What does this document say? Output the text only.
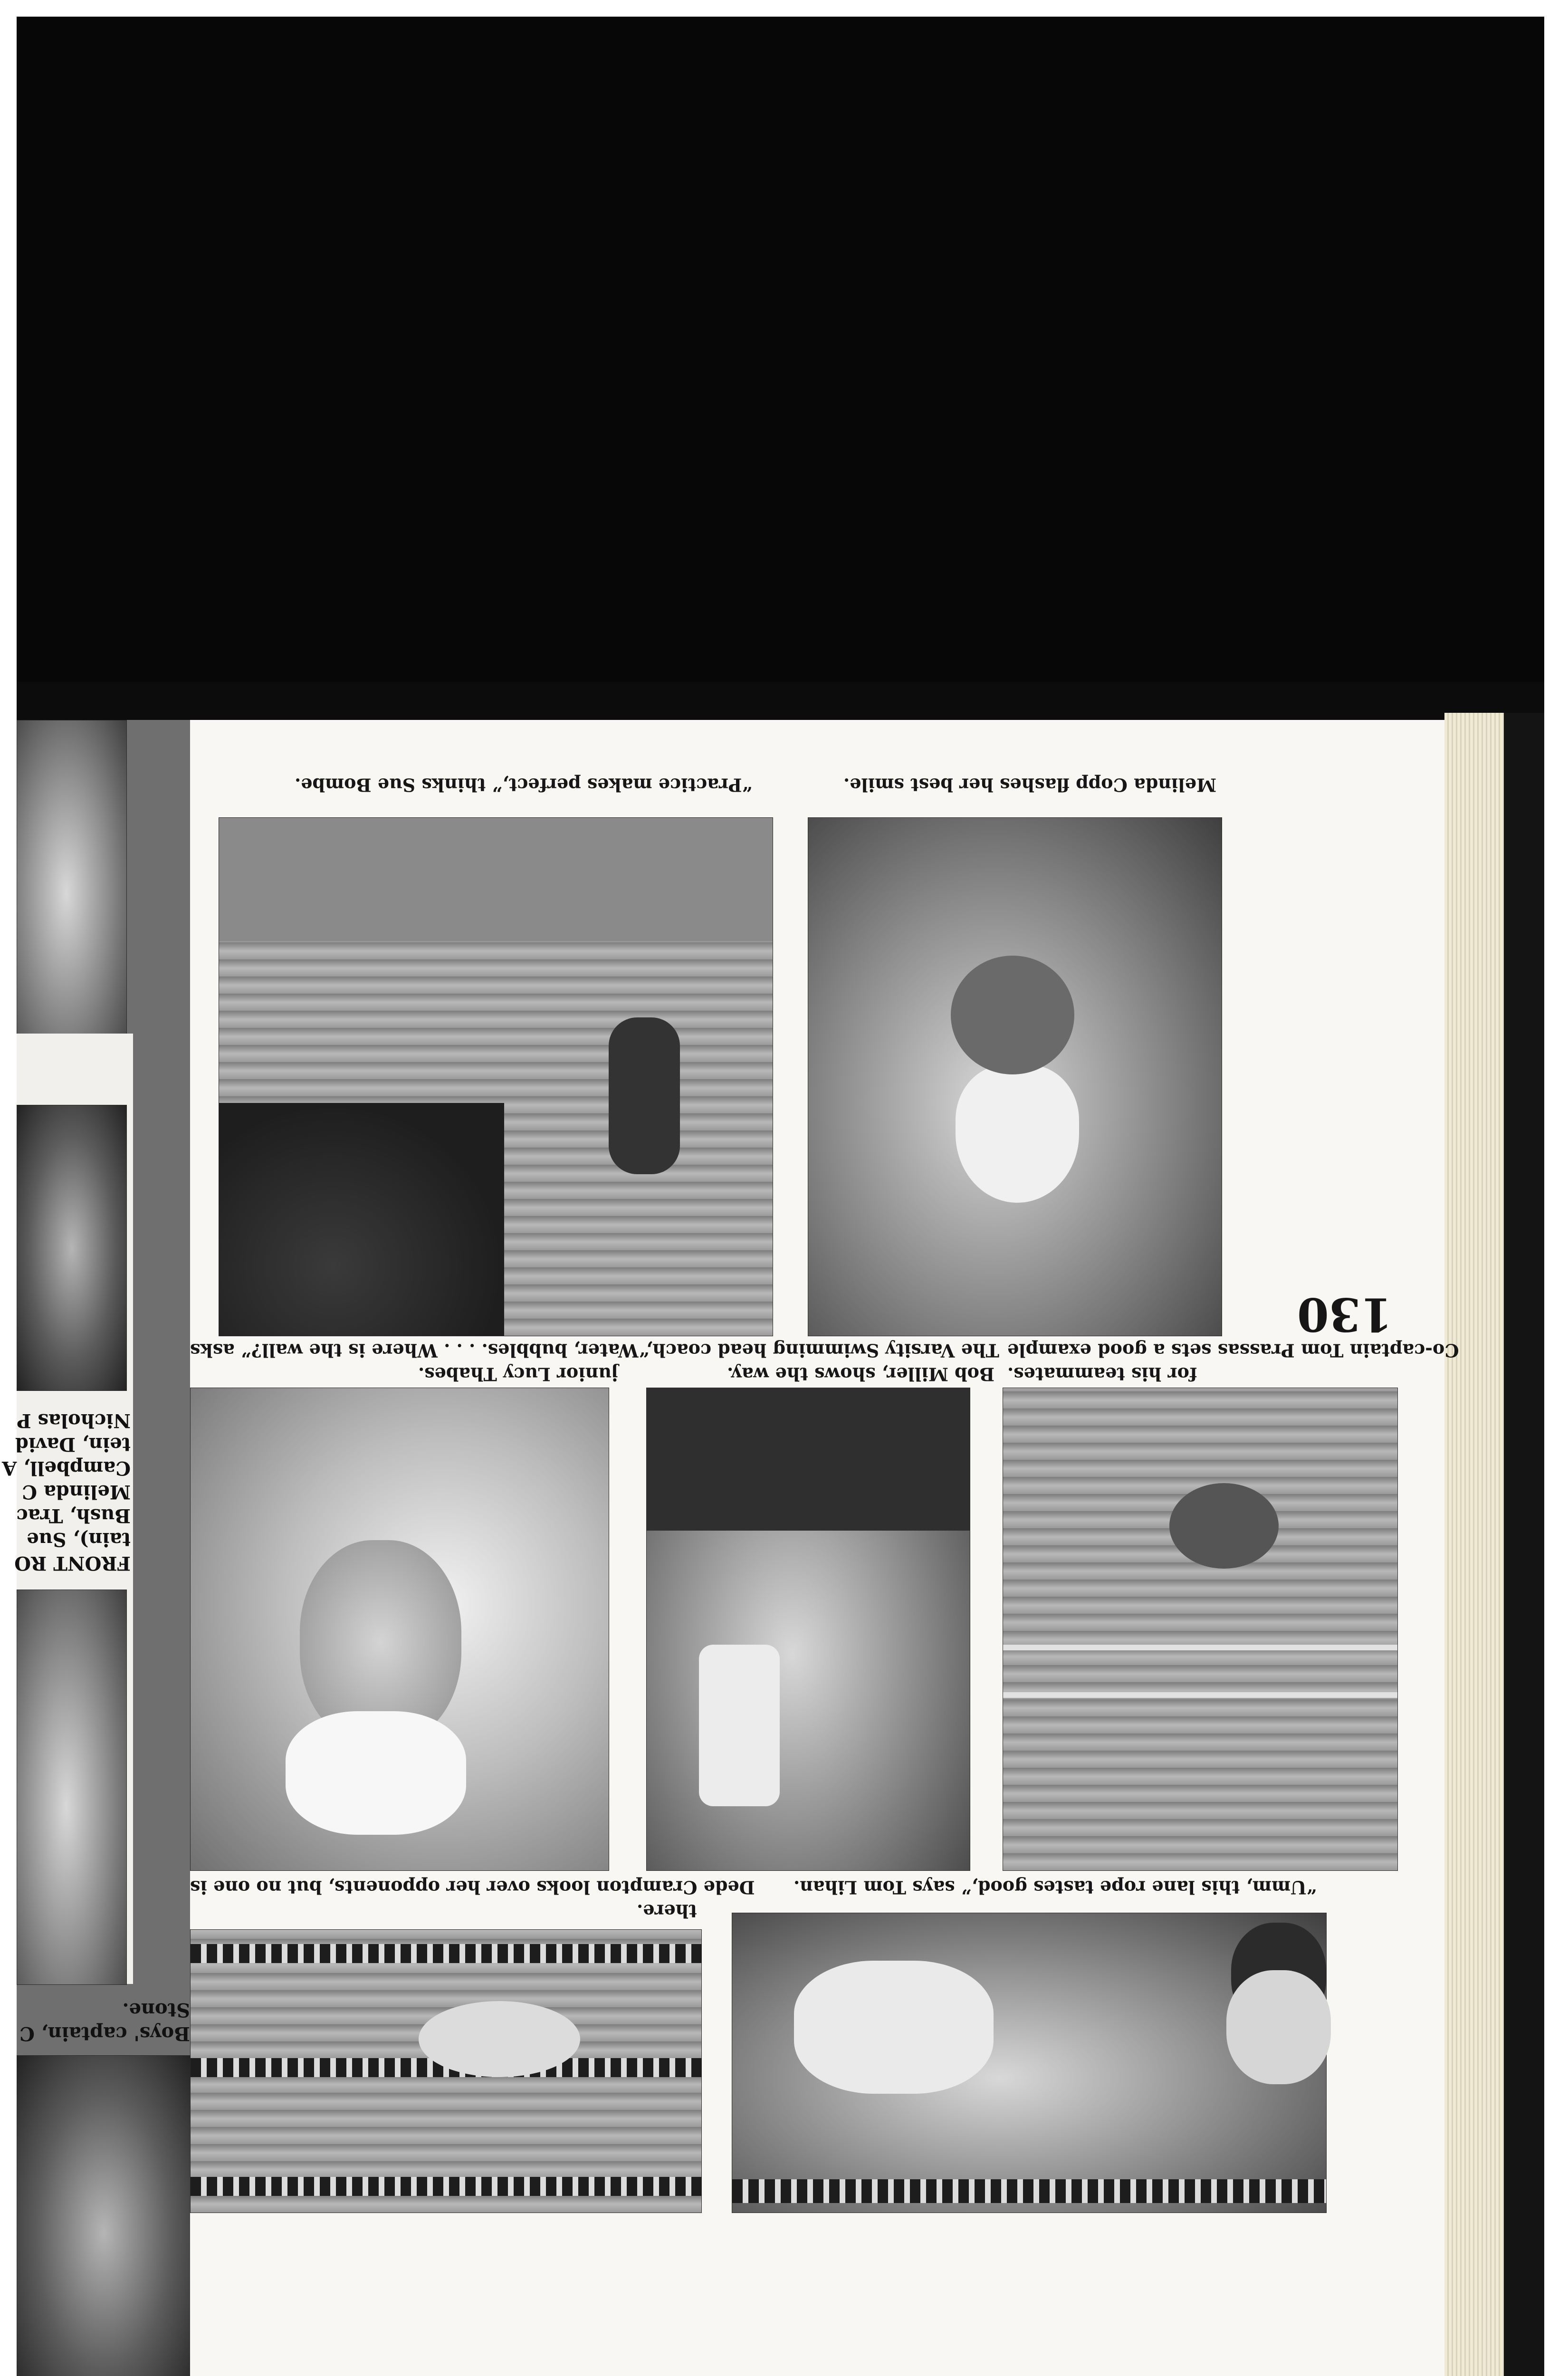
Nicholas P
tein, David
Campbell, A
Melinda C
Bush, Trac
tain), Sue
FRONT RO
Stone.
Boys' captain, C
Melinda Copp flashes her best smile.
“Practice makes perfect,” thinks Sue Bombe.
130
Co-captain Tom Prassas sets a good example
for his teammates.
The Varsity Swimming head coach,
Bob Miller, shows the way.
“Water, bubbles. . . . Where is the wall?” asks
junior Lucy Thabes.
“Umm, this lane rope tastes good,” says Tom Lihan.
Dede Crampton looks over her opponents, but no one is
there.
